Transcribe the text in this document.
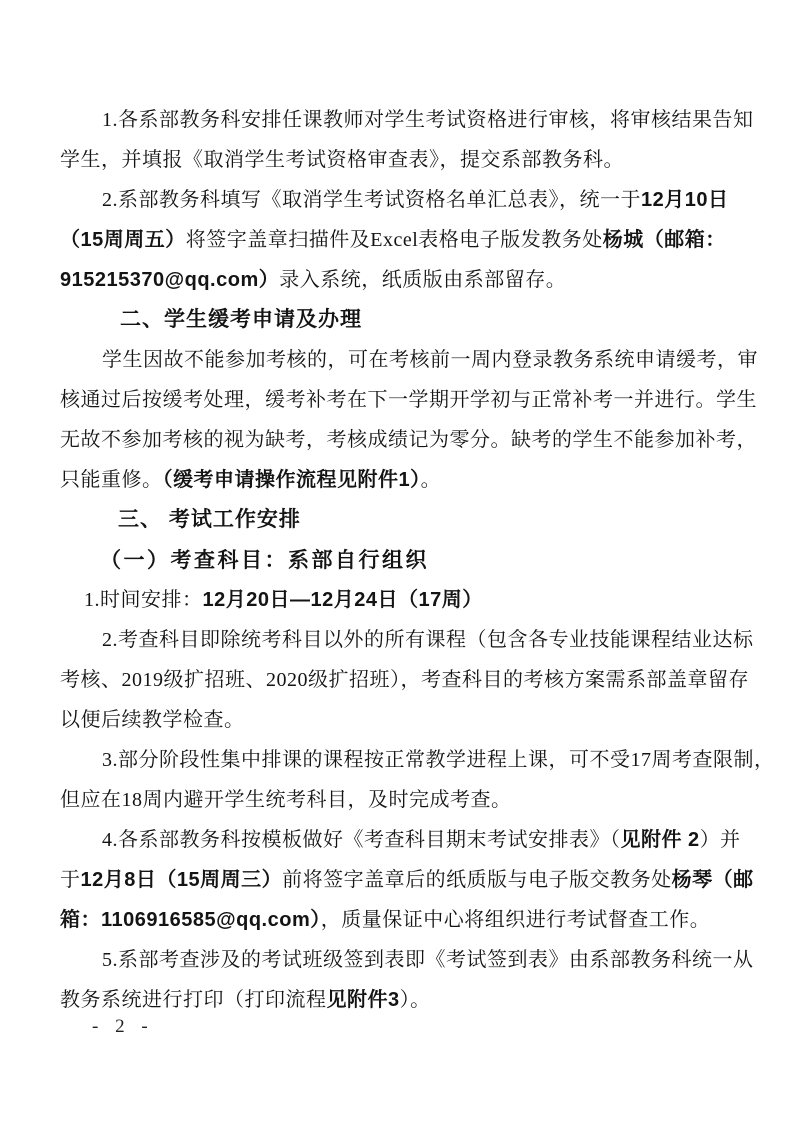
1.各系部教务科安排任课教师对学生考试资格进行审核，将审核结果告知
学生，并填报《取消学生考试资格审查表》，提交系部教务科。
2.系部教务科填写《取消学生考试资格名单汇总表》，统一于12月10日
（15周周五）将签字盖章扫描件及Excel表格电子版发教务处杨城（邮箱：
915215370@qq.com）录入系统，纸质版由系部留存。
二、学生缓考申请及办理
学生因故不能参加考核的，可在考核前一周内登录教务系统申请缓考，审
核通过后按缓考处理，缓考补考在下一学期开学初与正常补考一并进行。学生
无故不参加考核的视为缺考，考核成绩记为零分。缺考的学生不能参加补考，
只能重修。（缓考申请操作流程见附件1）。
三、 考试工作安排
（一）考查科目：系部自行组织
1.时间安排：12月20日—12月24日（17周）
2.考查科目即除统考科目以外的所有课程（包含各专业技能课程结业达标
考核、2019级扩招班、2020级扩招班），考查科目的考核方案需系部盖章留存
以便后续教学检查。
3.部分阶段性集中排课的课程按正常教学进程上课，可不受17周考查限制，
但应在18周内避开学生统考科目，及时完成考查。
4.各系部教务科按模板做好《考查科目期末考试安排表》（见附件 2）并
于12月8日（15周周三）前将签字盖章后的纸质版与电子版交教务处杨琴（邮
箱：1106916585@qq.com），质量保证中心将组织进行考试督查工作。
5.系部考查涉及的考试班级签到表即《考试签到表》由系部教务科统一从
教务系统进行打印（打印流程见附件3）。
- 2 -
